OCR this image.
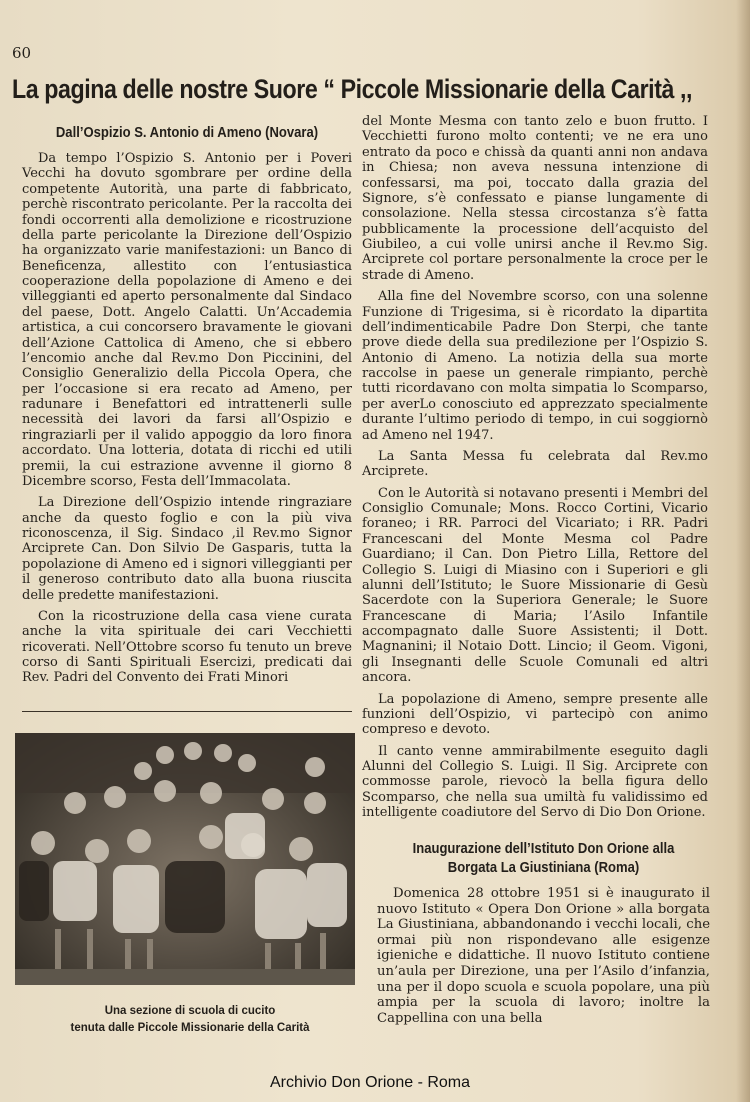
60
La pagina delle nostre Suore “ Piccole Missionarie della Carità ,,
Dall’Ospizio S. Antonio di Ameno (Novara)

Da tempo l’Ospizio S. Antonio per i Poveri Vecchi ha dovuto sgombrare per ordine della competente Autorità, una parte di fabbricato, perchè riscontrato pericolante. Per la raccolta dei fondi occorrenti alla demolizione e ricostruzione della parte pericolante la Direzione dell’Ospizio ha organizzato varie manifestazioni: un Banco di Beneficenza, allestito con l’entusiastica cooperazione della popolazione di Ameno e dei villeggianti ed aperto personalmente dal Sindaco del paese, Dott. Angelo Calatti. Un’Accademia artistica, a cui concorsero bravamente le giovani dell’Azione Cattolica di Ameno, che si ebbero l’encomio anche dal Rev.mo Don Piccinini, del Consiglio Generalizio della Piccola Opera, che per l’occasione si era recato ad Ameno, per radunare i Benefattori ed intrattenerli sulle necessità dei lavori da farsi all’Ospizio e ringraziarli per il valido appoggio da loro finora accordato. Una lotteria, dotata di ricchi ed utili premii, la cui estrazione avvenne il giorno 8 Dicembre scorso, Festa dell’Immacolata.

La Direzione dell’Ospizio intende ringraziare anche da questo foglio e con la più viva riconoscenza, il Sig. Sindaco ,il Rev.mo Signor Arciprete Can. Don Silvio De Gasparis, tutta la popolazione di Ameno ed i signori villeggianti per il generoso contributo dato alla buona riuscita delle predette manifestazioni.

Con la ricostruzione della casa viene curata anche la vita spirituale dei cari Vecchietti ricoverati. Nell’Ottobre scorso fu tenuto un breve corso di Santi Spirituali Esercizi, predicati dai Rev. Padri del Convento dei Frati Minori

Una sezione di scuola di cucito
tenuta dalle Piccole Missionarie della Carità

del Monte Mesma con tanto zelo e buon frutto. I Vecchietti furono molto contenti; ve ne era uno entrato da poco e chissà da quanti anni non andava in Chiesa; non aveva nessuna intenzione di confessarsi, ma poi, toccato dalla grazia del Signore, s’è confessato e pianse lungamente di consolazione. Nella stessa circostanza s’è fatta pubblicamente la processione dell’acquisto del Giubileo, a cui volle unirsi anche il Rev.mo Sig. Arciprete col portare personalmente la croce per le strade di Ameno.

Alla fine del Novembre scorso, con una solenne Funzione di Trigesima, si è ricordato la dipartita dell’indimenticabile Padre Don Sterpi, che tante prove diede della sua predilezione per l’Ospizio S. Antonio di Ameno. La notizia della sua morte raccolse in paese un generale rimpianto, perchè tutti ricordavano con molta simpatia lo Scomparso, per averLo conosciuto ed apprezzato specialmente durante l’ultimo periodo di tempo, in cui soggiornò ad Ameno nel 1947.

La Santa Messa fu celebrata dal Rev.mo Arciprete.

Con le Autorità si notavano presenti i Membri del Consiglio Comunale; Mons. Rocco Cortini, Vicario foraneo; i RR. Parroci del Vicariato; i RR. Padri Francescani del Monte Mesma col Padre Guardiano; il Can. Don Pietro Lilla, Rettore del Collegio S. Luigi di Miasino con i Superiori e gli alunni dell’Istituto; le Suore Missionarie di Gesù Sacerdote con la Superiora Generale; le Suore Francescane di Maria; l’Asilo Infantile accompagnato dalle Suore Assistenti; il Dott. Magnanini; il Notaio Dott. Lincio; il Geom. Vigoni, gli Insegnanti delle Scuole Comunali ed altri ancora.

La popolazione di Ameno, sempre presente alle funzioni dell’Ospizio, vi partecipò con animo compreso e devoto.

Il canto venne ammirabilmente eseguito dagli Alunni del Collegio S. Luigi. Il Sig. Arciprete con commosse parole, rievocò la bella figura dello Scomparso, che nella sua umiltà fu validissimo ed intelligente coadiutore del Servo di Dio Don Orione.

Inaugurazione dell’Istituto Don Orione alla Borgata La Giustiniana (Roma)

Domenica 28 ottobre 1951 si è inaugurato il nuovo Istituto « Opera Don Orione » alla borgata La Giustiniana, abbandonando i vecchi locali, che ormai più non rispondevano alle esigenze igieniche e didattiche. Il nuovo Istituto contiene un’aula per Direzione, una per l’Asilo d’infanzia, una per il dopo scuola e scuola popolare, una più ampia per la scuola di lavoro; inoltre la Cappellina con una bella

Archivio Don Orione - Roma
